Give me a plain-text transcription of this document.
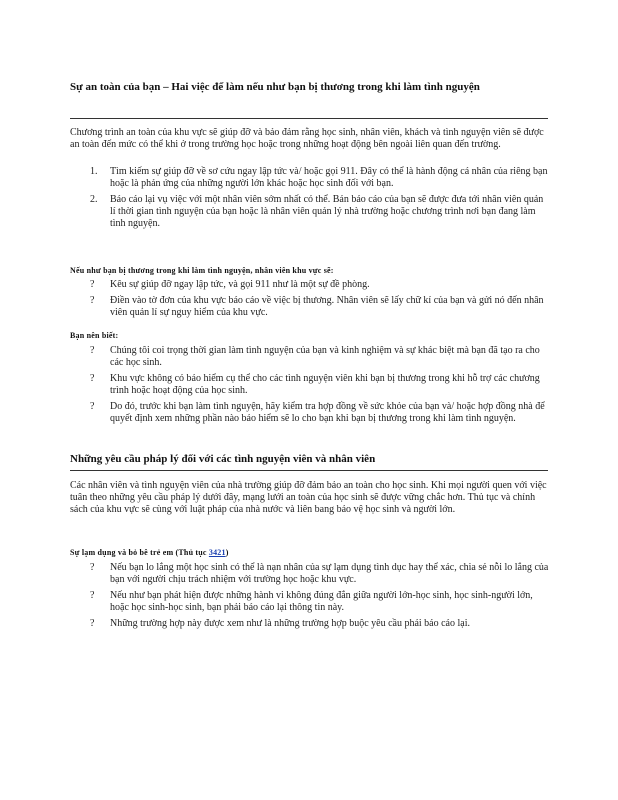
Sự an toàn của bạn – Hai việc để làm nếu như bạn bị thương trong khi làm tình nguyện
Chương trình an toàn của khu vực sẽ giúp đỡ và bảo đảm rằng học sinh, nhân viên, khách và tình nguyện viên sẽ được an toàn đến mức có thể khi ở trong trường học hoặc trong những hoạt động bên ngoài liên quan đến trường.
1. Tìm kiếm sự giúp đỡ về sơ cứu ngay lập tức và/ hoặc gọi 911. Đây có thể là hành động cá nhân của riêng bạn hoặc là phản ứng của những người lớn khác hoặc học sinh đối với bạn.
2. Báo cáo lại vụ việc với một nhân viên sớm nhất có thể. Bản báo cáo của bạn sẽ được đưa tới nhân viên quản lí thời gian tình nguyện của bạn hoặc là nhân viên quản lý nhà trường hoặc chương trình nơi bạn đang làm tình nguyện.
Nếu như bạn bị thương trong khi làm tình nguyện, nhân viên khu vực sẽ:
? Kêu sự giúp đỡ ngay lập tức, và gọi 911 như là một sự đề phòng.
? Điền vào tờ đơn của khu vực báo cáo về việc bị thương. Nhân viên sẽ lấy chữ kí của bạn và gửi nó đến nhân viên quản lí sự nguy hiểm của khu vực.
Bạn nên biết:
? Chúng tôi coi trọng thời gian làm tình nguyện của bạn và kinh nghiệm và sự khác biệt mà bạn đã tạo ra cho các học sinh.
? Khu vực không có bảo hiểm cụ thể cho các tình nguyện viên khi bạn bị thương trong khi hỗ trợ các chương trình hoặc hoạt động của học sinh.
? Do đó, trước khi bạn làm tình nguyện, hãy kiểm tra hợp đồng về sức khỏe của bạn và/ hoặc hợp đồng nhà để quyết định xem những phần nào bảo hiểm sẽ lo cho bạn khi bạn bị thương trong khi làm tình nguyện.
Những yêu cầu pháp lý đối với các tình nguyện viên và nhân viên
Các nhân viên và tình nguyện viên của nhà trường giúp đỡ đảm bảo an toàn cho học sinh. Khi mọi người quen với việc tuân theo những yêu cầu pháp lý dưới đây, mạng lưới an toàn của học sinh sẽ được vững chắc hơn. Thủ tục và chính sách của khu vực sẽ cùng với luật pháp của nhà nước và liên bang bảo vệ học sinh và người lớn.
Sự lạm dụng và bỏ bê trẻ em (Thủ tục 3421)
? Nếu bạn lo lắng một học sinh có thể là nạn nhân của sự lạm dụng tình dục hay thể xác, chia sẻ nỗi lo lắng của bạn với người chịu trách nhiệm với trường học hoặc khu vực.
? Nếu như bạn phát hiện được những hành vi không đúng đắn giữa người lớn-học sinh, học sinh-người lớn, hoặc học sinh-học sinh, bạn phải báo cáo lại thông tin này.
? Những trường hợp này được xem như là những trường hợp buộc yêu cầu phải báo cáo lại.
